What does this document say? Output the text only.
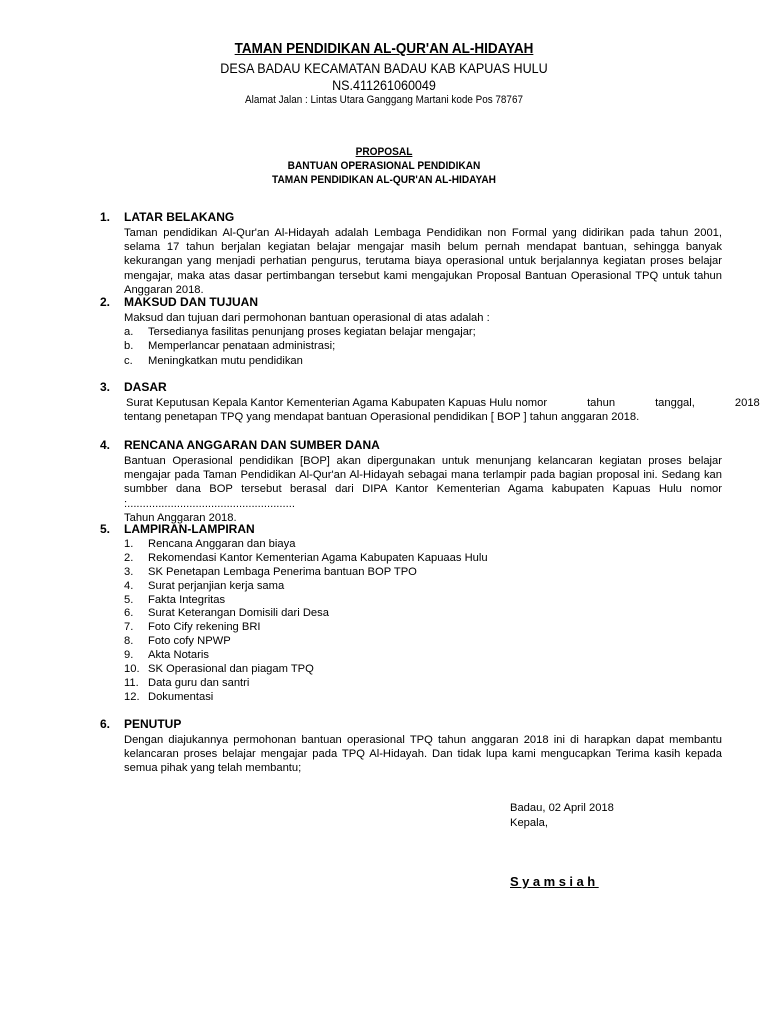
TAMAN PENDIDIKAN AL-QUR'AN AL-HIDAYAH
DESA BADAU KECAMATAN BADAU KAB KAPUAS HULU
NS.411261060049
Alamat Jalan : Lintas Utara Ganggang Martani kode Pos 78767
PROPOSAL
BANTUAN OPERASIONAL PENDIDIKAN
TAMAN PENDIDIKAN AL-QUR'AN AL-HIDAYAH
1. LATAR BELAKANG
Taman pendidikan Al-Qur'an Al-Hidayah adalah Lembaga Pendidikan non Formal yang didirikan pada tahun 2001, selama 17 tahun berjalan kegiatan belajar mengajar masih belum pernah mendapat bantuan, sehingga banyak kekurangan yang menjadi perhatian pengurus, terutama biaya operasional untuk berjalannya kegiatan proses belajar mengajar, maka atas dasar pertimbangan tersebut kami mengajukan Proposal Bantuan Operasional TPQ untuk tahun Anggaran 2018.
2. MAKSUD DAN TUJUAN
Maksud dan tujuan dari permohonan bantuan operasional di atas adalah :
a. Tersedianya fasilitas penunjang proses kegiatan belajar mengajar;
b. Memperlancar penataan administrasi;
c. Meningkatkan mutu pendidikan
3. DASAR
Surat Keputusan Kepala Kantor Kementerian Agama Kabupaten Kapuas Hulu nomor	tahun	tanggal,	2018
tentang penetapan TPQ yang mendapat bantuan Operasional pendidikan [ BOP ] tahun anggaran 2018.
4. RENCANA ANGGARAN DAN SUMBER DANA
Bantuan Operasional pendidikan [BOP] akan dipergunakan untuk menunjang kelancaran kegiatan proses belajar mengajar pada Taman Pendidikan Al-Qur'an Al-Hidayah sebagai mana terlampir pada bagian proposal ini. Sedang kan sumbber dana BOP tersebut berasal dari DIPA Kantor Kementerian Agama kabupaten Kapuas Hulu nomor :......................................................
Tahun Anggaran 2018.
5. LAMPIRAN-LAMPIRAN
1. Rencana Anggaran dan biaya
2. Rekomendasi Kantor Kementerian Agama Kabupaten Kapuaas Hulu
3. SK Penetapan Lembaga Penerima bantuan BOP TPO
4. Surat perjanjian kerja sama
5. Fakta Integritas
6. Surat Keterangan Domisili dari Desa
7. Foto Cify rekening BRI
8. Foto cofy NPWP
9. Akta Notaris
10. SK Operasional dan piagam TPQ
11. Data guru dan santri
12. Dokumentasi
6. PENUTUP
Dengan diajukannya permohonan bantuan operasional TPQ tahun anggaran 2018 ini di harapkan dapat membantu kelancaran proses belajar mengajar pada TPQ Al-Hidayah. Dan tidak lupa kami mengucapkan Terima kasih kepada semua pihak yang telah membantu;
Badau, 02 April 2018
Kepala,
Syamsiah
